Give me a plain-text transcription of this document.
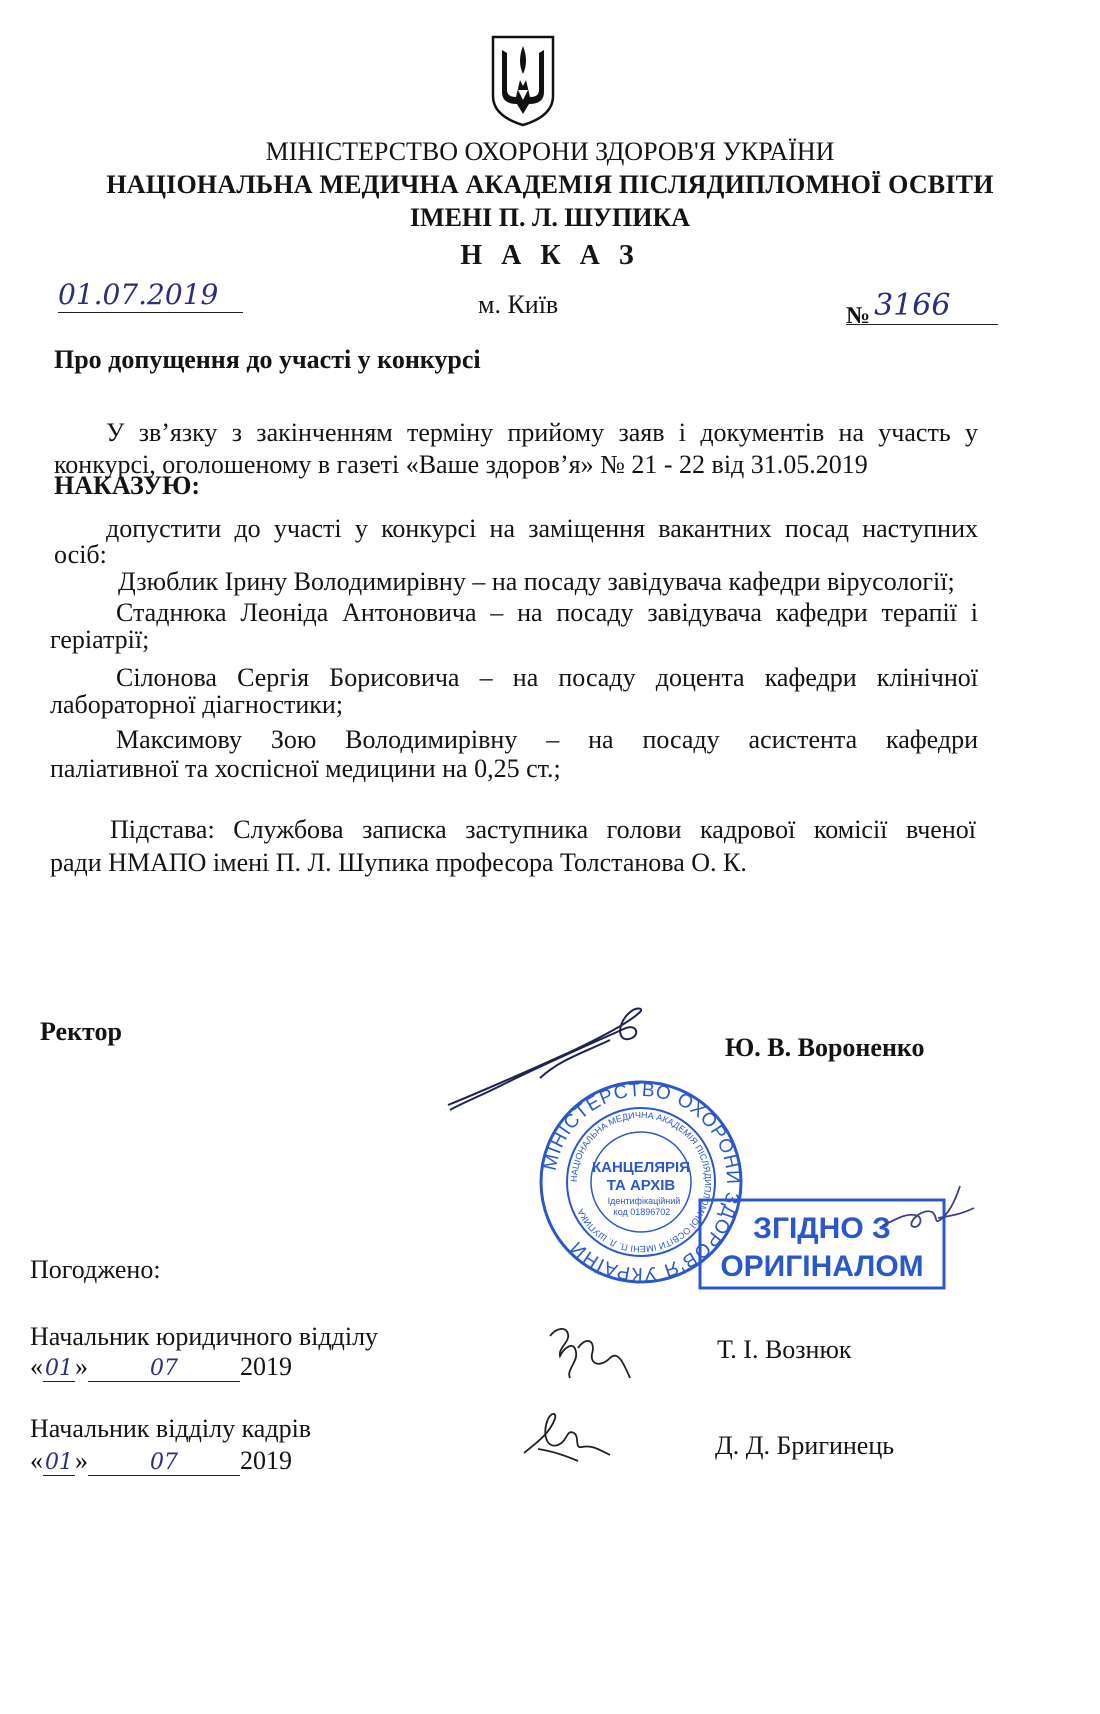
МІНІСТЕРСТВО ОХОРОНИ ЗДОРОВ'Я УКРАЇНИ
НАЦІОНАЛЬНА МЕДИЧНА АКАДЕМІЯ ПІСЛЯДИПЛОМНОЇ ОСВІТИ
ІМЕНІ П. Л. ШУПИКА
Н А К А З
01.07.2019	м. Київ	№ 3166
Про допущення до участі у конкурсі
У зв’язку з закінченням терміну прийому заяв і документів на участь у
конкурсі, оголошеному в газеті «Ваше здоров’я» № 21 - 22 від 31.05.2019
НАКАЗУЮ:
допустити до участі у конкурсі на заміщення вакантних посад наступних
осіб:
Дзюблик Ірину Володимирівну – на посаду завідувача кафедри вірусології;
Стаднюка Леоніда Антоновича – на посаду завідувача кафедри терапії і
геріатрії;
Сілонова Сергія Борисовича – на посаду доцента кафедри клінічної
лабораторної діагностики;
Максимову Зою Володимирівну – на посаду асистента кафедри
паліативної та хоспісної медицини на 0,25 ст.;
Підстава: Службова записка заступника голови кадрової комісії вченої
ради НМАПО імені П. Л. Шупика професора Толстанова О. К.
Ректор
Ю. В. Вороненко
МІНІСТЕРСТВО ОХОРОНИ ЗДОРОВ'Я УКРАЇНИ
НАЦІОНАЛЬНА МЕДИЧНА АКАДЕМІЯ ПІСЛЯДИПЛОМНОЇ ОСВІТИ ІМЕНІ П. Л. ШУПИКА
КАНЦЕЛЯРІЯ
ТА АРХІВ
Ідентифікаційний
код 01896702	ЗГІДНО З
ОРИГІНАЛОМ
Погоджено:
Начальник юридичного відділу
«01»	07 2019
Т. І. Вознюк
Начальник відділу кадрів
«01»	07 2019
Д. Д. Бригинець
